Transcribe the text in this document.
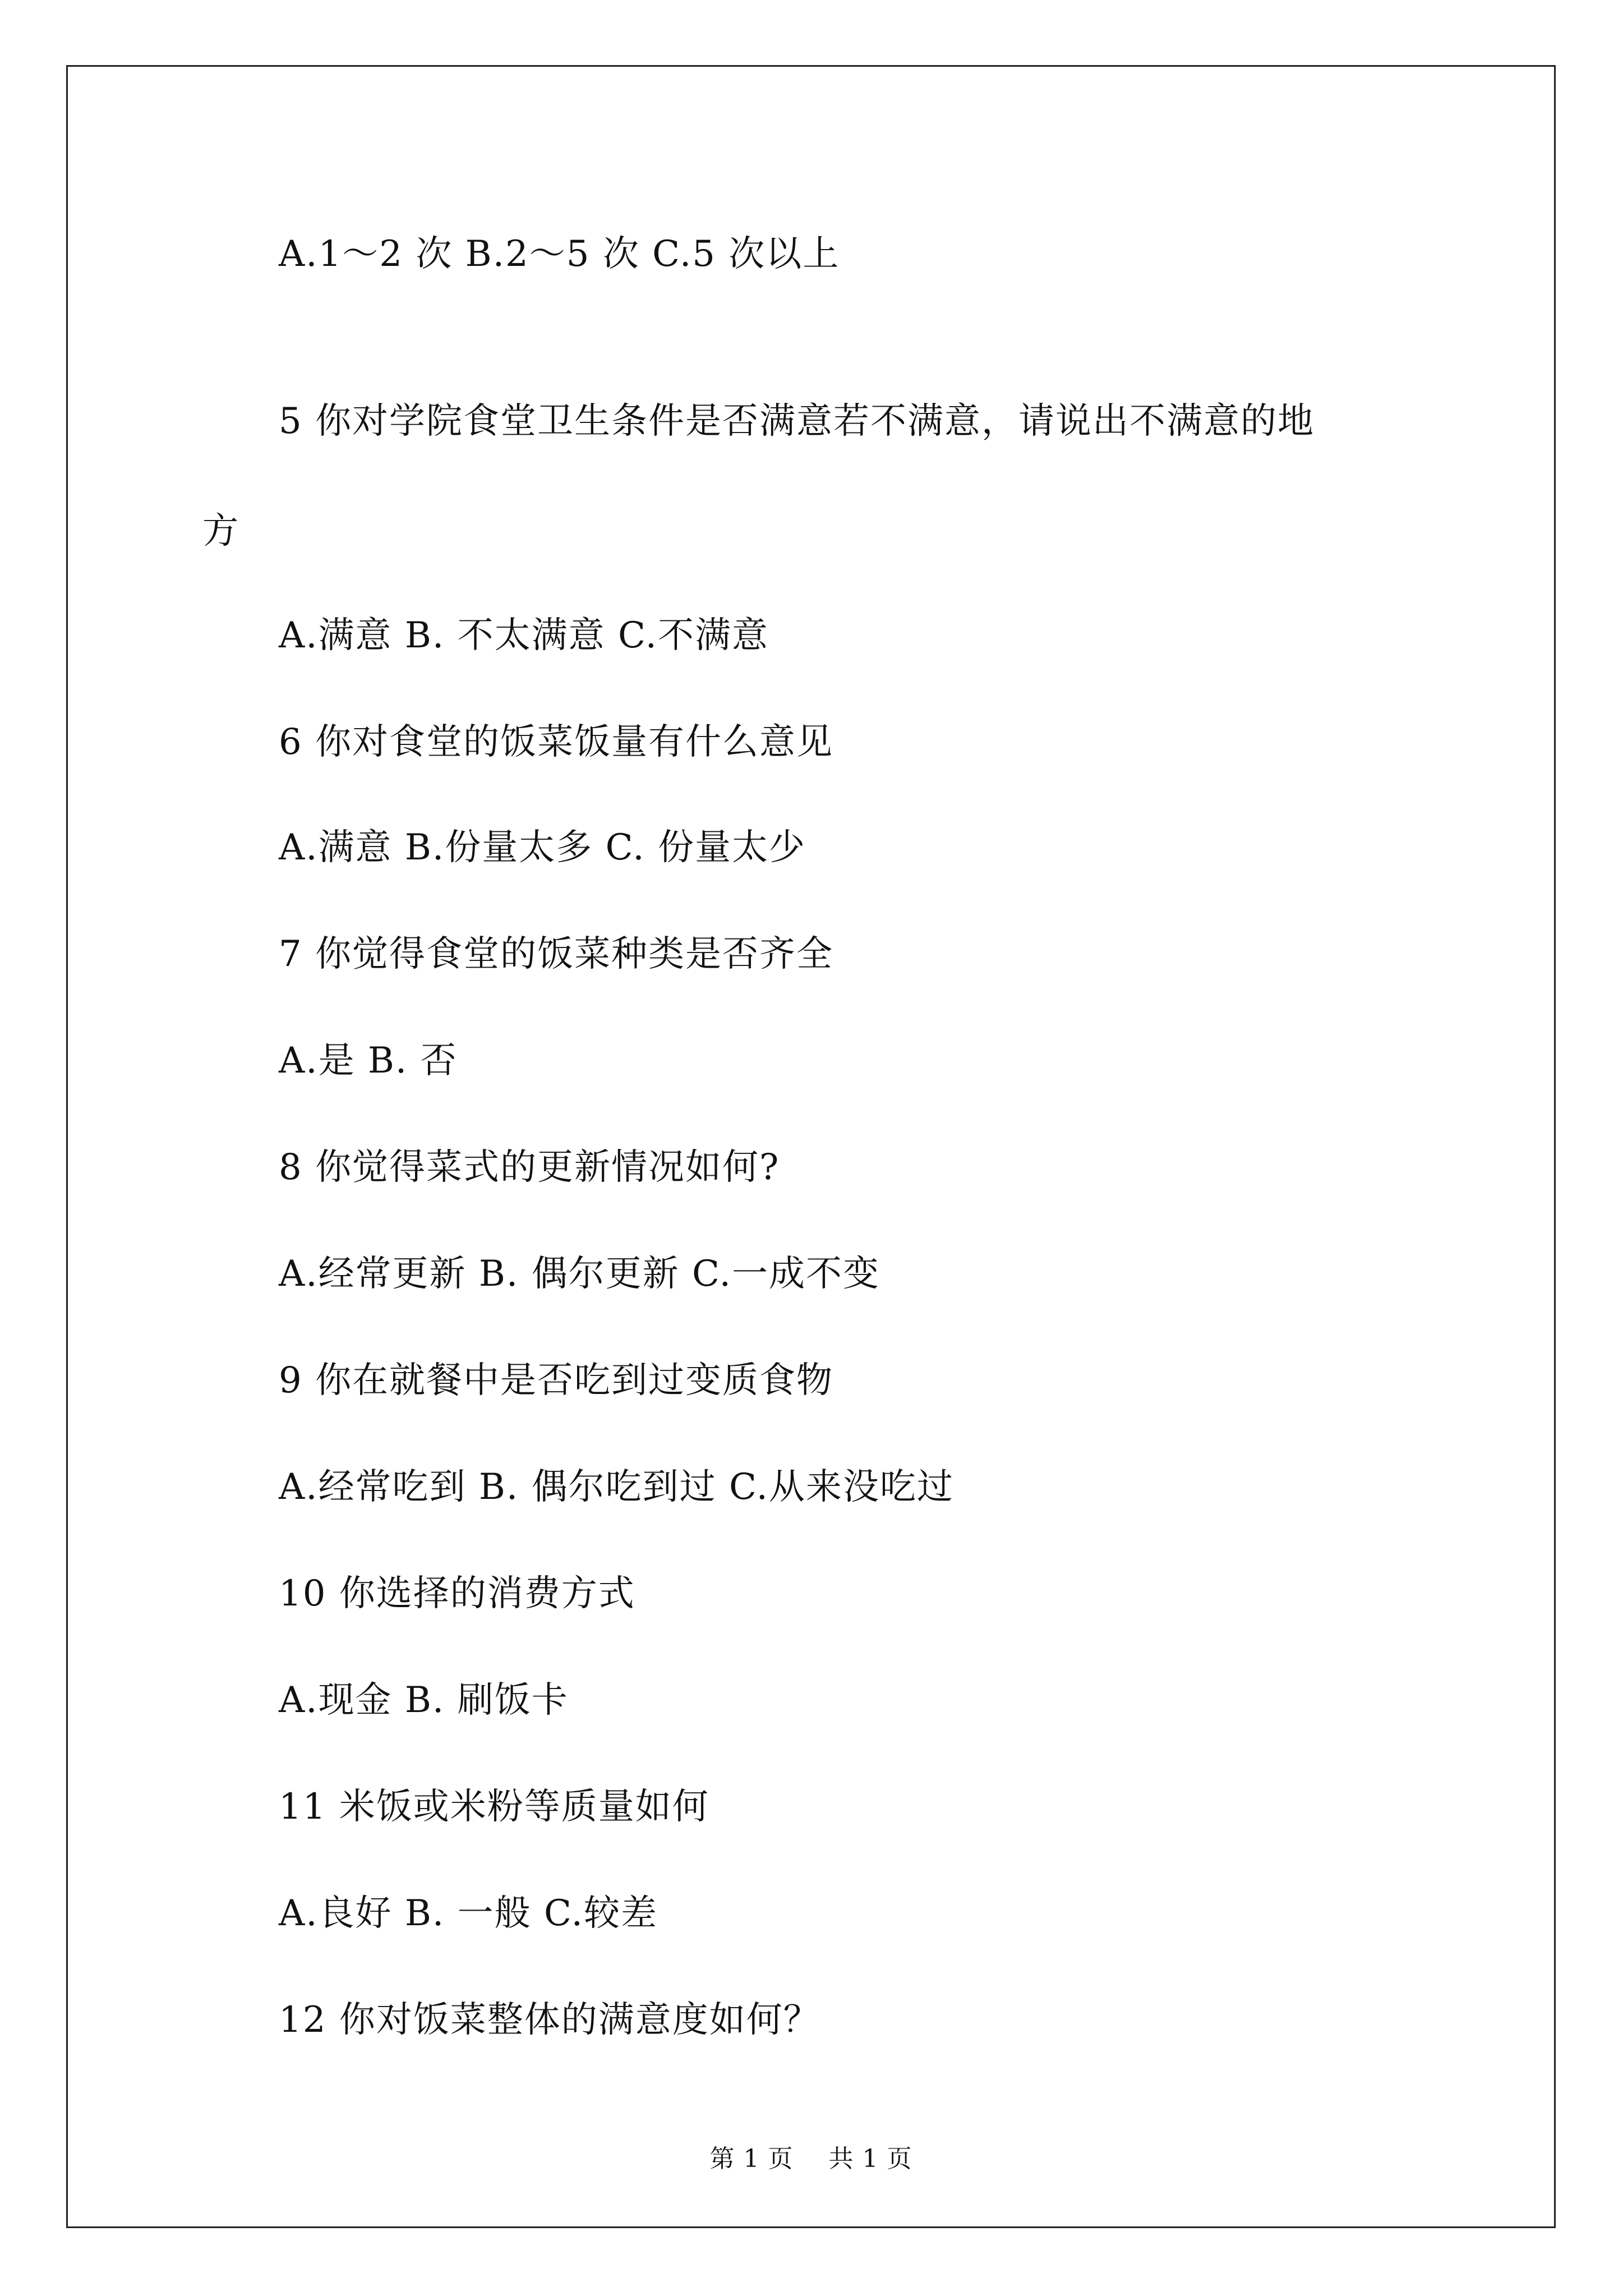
A.1～2 次 B.2～5 次 C.5 次以上
5 你对学院食堂卫生条件是否满意若不满意，请说出不满意的地
方
A.满意 B. 不太满意 C.不满意
6 你对食堂的饭菜饭量有什么意见
A.满意 B.份量太多 C. 份量太少
7 你觉得食堂的饭菜种类是否齐全
A.是 B. 否
8 你觉得菜式的更新情况如何?
A.经常更新 B. 偶尔更新 C.一成不变
9 你在就餐中是否吃到过变质食物
A.经常吃到 B. 偶尔吃到过 C.从来没吃过
10 你选择的消费方式
A.现金 B. 刷饭卡
11 米饭或米粉等质量如何
A.良好 B. 一般 C.较差
12 你对饭菜整体的满意度如何？
第 1 页 共 1 页
